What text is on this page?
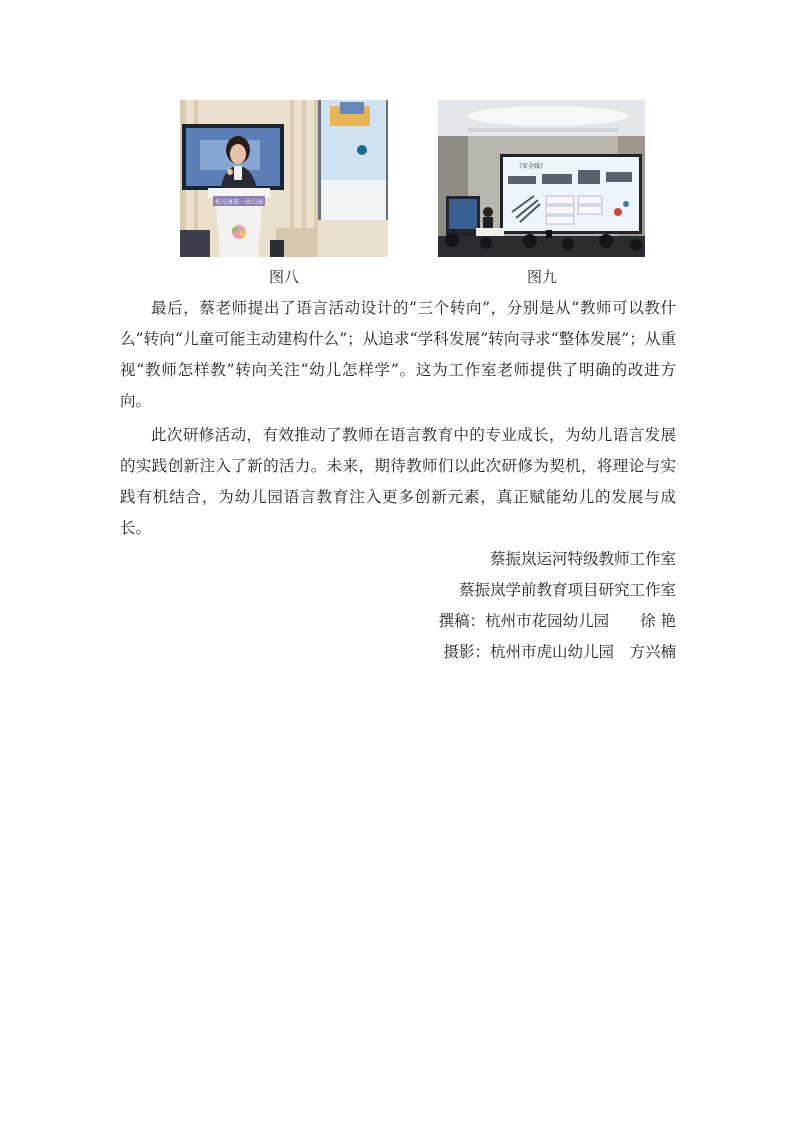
校元康第一幼儿园
《安全线》
图八	图九

最后，蔡老师提出了语言活动设计的“三个转向”，分别是从“教师可以教什么”转向“儿童可能主动建构什么”；从追求“学科发展”转向寻求“整体发展”；从重视“教师怎样教”转向关注“幼儿怎样学”。这为工作室老师提供了明确的改进方向。

此次研修活动，有效推动了教师在语言教育中的专业成长，为幼儿语言发展的实践创新注入了新的活力。未来，期待教师们以此次研修为契机，将理论与实践有机结合，为幼儿园语言教育注入更多创新元素，真正赋能幼儿的发展与成长。

蔡振岚运河特级教师工作室
蔡振岚学前教育项目研究工作室
撰稿：杭州市花园幼儿园　　徐 艳
摄影：杭州市虎山幼儿园　方兴楠
